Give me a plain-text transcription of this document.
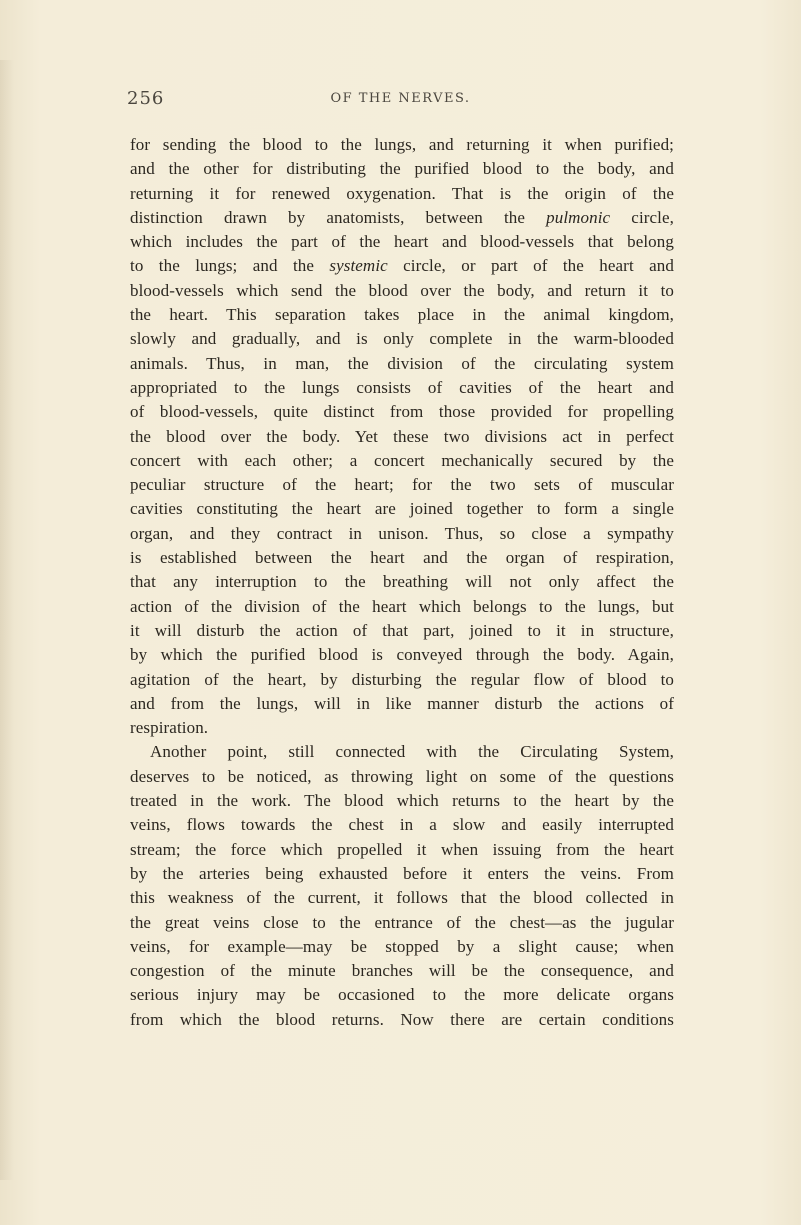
256	OF THE NERVES.
for sending the blood to the lungs, and returning it when purified;
and the other for distributing the purified blood to the body, and
returning it for renewed oxygenation. That is the origin of the
distinction drawn by anatomists, between the pulmonic circle,
which includes the part of the heart and blood-vessels that belong
to the lungs; and the systemic circle, or part of the heart and
blood-vessels which send the blood over the body, and return it to
the heart. This separation takes place in the animal kingdom,
slowly and gradually, and is only complete in the warm-blooded
animals. Thus, in man, the division of the circulating system
appropriated to the lungs consists of cavities of the heart and
of blood-vessels, quite distinct from those provided for propelling
the blood over the body. Yet these two divisions act in perfect
concert with each other; a concert mechanically secured by the
peculiar structure of the heart; for the two sets of muscular
cavities constituting the heart are joined together to form a single
organ, and they contract in unison. Thus, so close a sympathy
is established between the heart and the organ of respiration,
that any interruption to the breathing will not only affect the
action of the division of the heart which belongs to the lungs, but
it will disturb the action of that part, joined to it in structure,
by which the purified blood is conveyed through the body. Again,
agitation of the heart, by disturbing the regular flow of blood to
and from the lungs, will in like manner disturb the actions of
respiration.
Another point, still connected with the Circulating System,
deserves to be noticed, as throwing light on some of the questions
treated in the work. The blood which returns to the heart by the
veins, flows towards the chest in a slow and easily interrupted
stream; the force which propelled it when issuing from the heart
by the arteries being exhausted before it enters the veins. From
this weakness of the current, it follows that the blood collected in
the great veins close to the entrance of the chest—as the jugular
veins, for example—may be stopped by a slight cause; when
congestion of the minute branches will be the consequence, and
serious injury may be occasioned to the more delicate organs
from which the blood returns. Now there are certain conditions
